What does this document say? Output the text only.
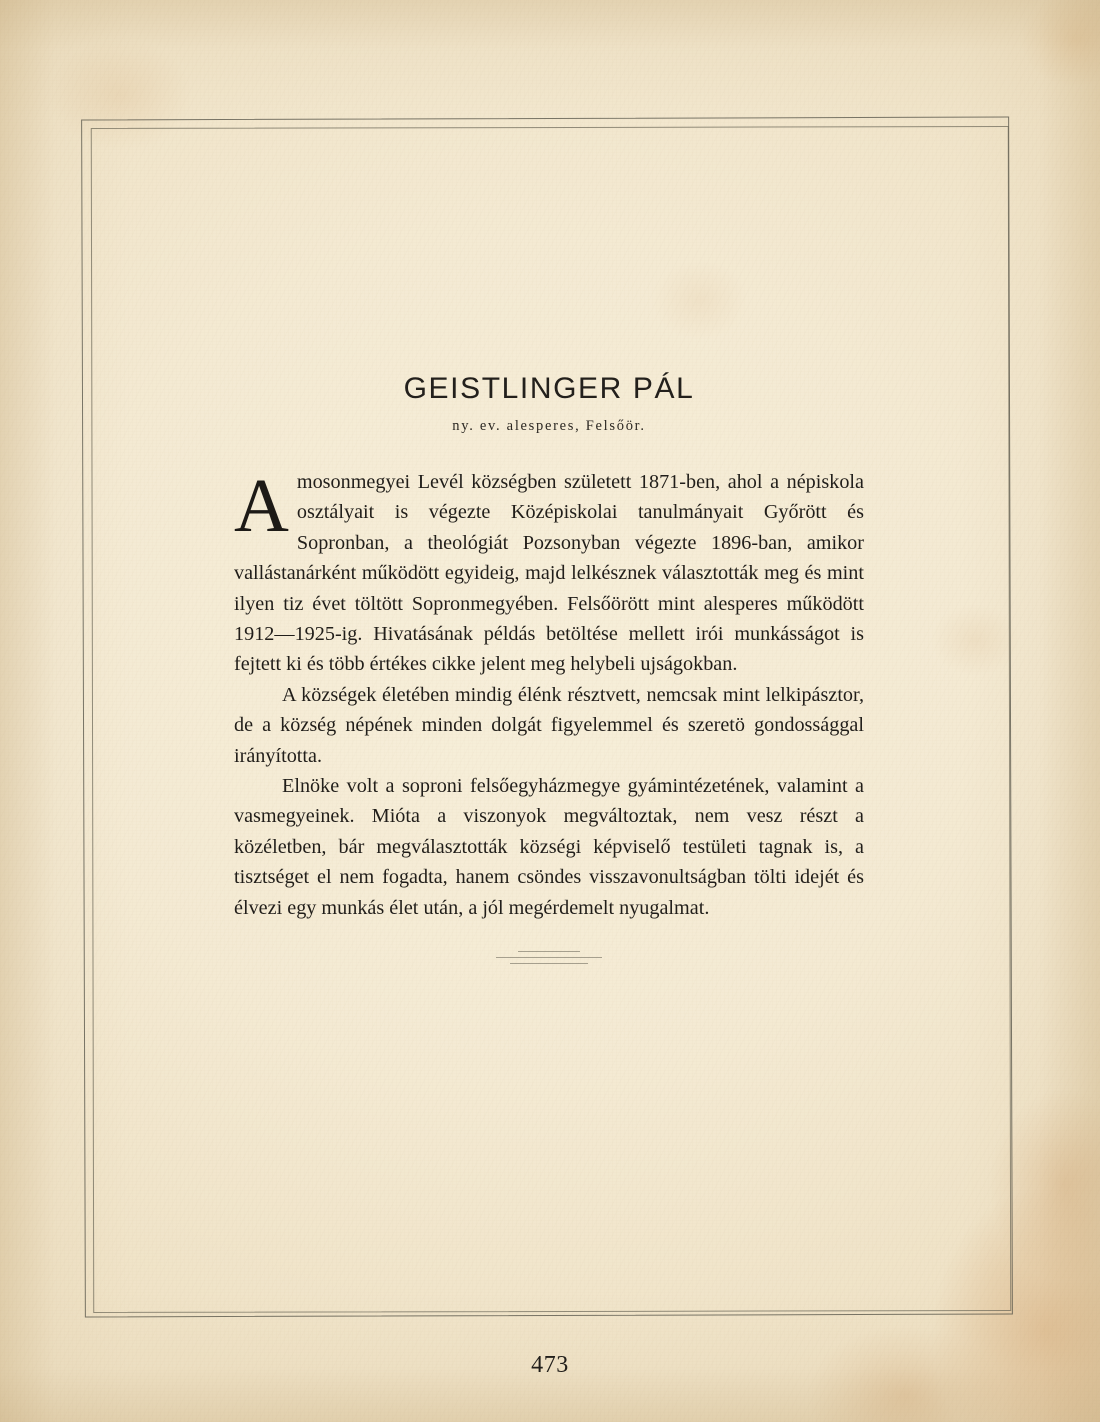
GEISTLINGER PÁL
ny. ev. alesperes, Felsőör.

Amosonmegyei Levél községben született 1871-ben, ahol a népiskola osztályait is végezte Középiskolai tanulmányait Győrött és Sopronban, a theológiát Pozsonyban végezte 1896-ban, amikor vallástanárként működött egyideig, majd lelkésznek választották meg és mint ilyen tiz évet töltött Sopronmegyében. Felsőörött mint alesperes működött 1912—1925-ig. Hivatásának példás betöltése mellett irói munkásságot is fejtett ki és több értékes cikke jelent meg helybeli ujságokban.

A községek életében mindig élénk résztvett, nemcsak mint lelkipásztor, de a község népének minden dolgát figyelemmel és szeretö gondossággal irányította.

Elnöke volt a soproni felsőegyházmegye gyámintézetének, valamint a vasmegyeinek. Mióta a viszonyok megváltoztak, nem vesz részt a közéletben, bár megválasztották községi képviselő testületi tagnak is, a tisztséget el nem fogadta, hanem csöndes visszavonultságban tölti idejét és élvezi egy munkás élet után, a jól megérdemelt nyugalmat.

473
